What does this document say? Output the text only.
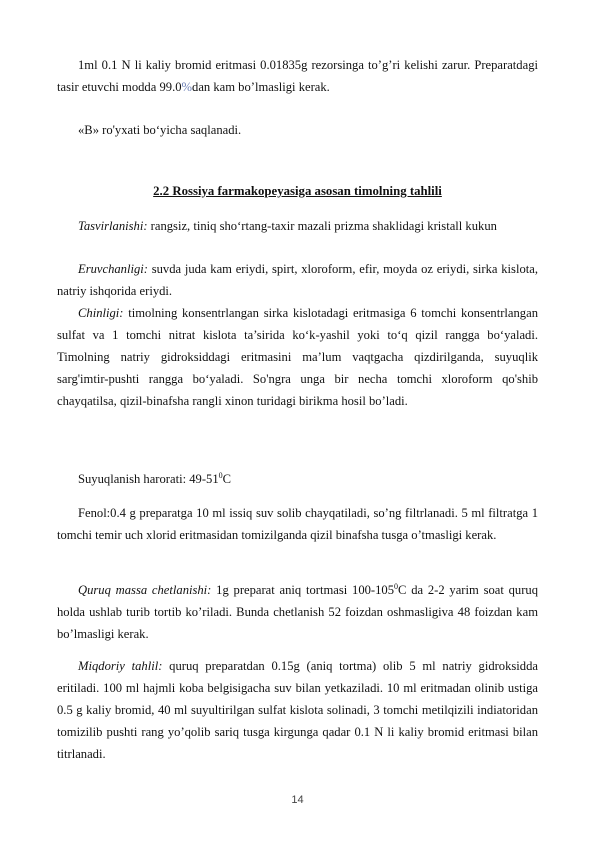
1ml 0.1 N li kaliy bromid eritmasi 0.01835g rezorsinga to’g’ri kelishi zarur. Preparatdagi tasir etuvchi modda 99.0%dan kam bo’lmasligi kerak.

«B» ro'yxati bo‘yicha saqlanadi.

2.2 Rossiya farmakopeyasiga asosan timolning tahlili

Tasvirlanishi: rangsiz, tiniq sho‘rtang-taxir mazali prizma shaklidagi kristall kukun

Eruvchanligi: suvda juda kam eriydi, spirt, xloroform, efir, moyda oz eriydi, sirka kislota, natriy ishqorida eriydi.

Chinligi: timolning konsentrlangan sirka kislotadagi eritmasiga 6 tomchi konsentrlangan sulfat va 1 tomchi nitrat kislota ta’sirida ko‘k-yashil yoki to‘q qizil rangga bo‘yaladi. Timolning natriy gidroksiddagi eritmasini ma’lum vaqtgacha qizdirilganda, suyuqlik sarg'imtir-pushti rangga bo‘yaladi. So'ngra unga bir necha tomchi xloroform qo'shib chayqatilsa, qizil-binafsha rangli xinon turidagi birikma hosil bo’ladi.

Suyuqlanish harorati: $49-51^0C$

Fenol:0.4 g preparatga 10 ml issiq suv solib chayqatiladi, so’ng filtrlanadi. 5 ml filtratga 1 tomchi temir uch xlorid eritmasidan tomizilganda qizil binafsha tusga o’tmasligi kerak.

Quruq massa chetlanishi: 1g preparat aniq tortmasi $100-105^0C$ da 2-2 yarim soat quruq holda ushlab turib tortib ko’riladi. Bunda chetlanish 52 foizdan oshmasligiva 48 foizdan kam bo’lmasligi kerak.

Miqdoriy tahlil: quruq preparatdan 0.15g (aniq tortma) olib 5 ml natriy gidroksidda eritiladi. 100 ml hajmli koba belgisigacha suv bilan yetkaziladi. 10 ml eritmadan olinib ustiga 0.5 g kaliy bromid, 40 ml suyultirilgan sulfat kislota solinadi, 3 tomchi metilqizili indiatoridan tomizilib pushti rang yo’qolib sariq tusga kirgunga qadar 0.1 N li kaliy bromid eritmasi bilan titrlanadi.

14
